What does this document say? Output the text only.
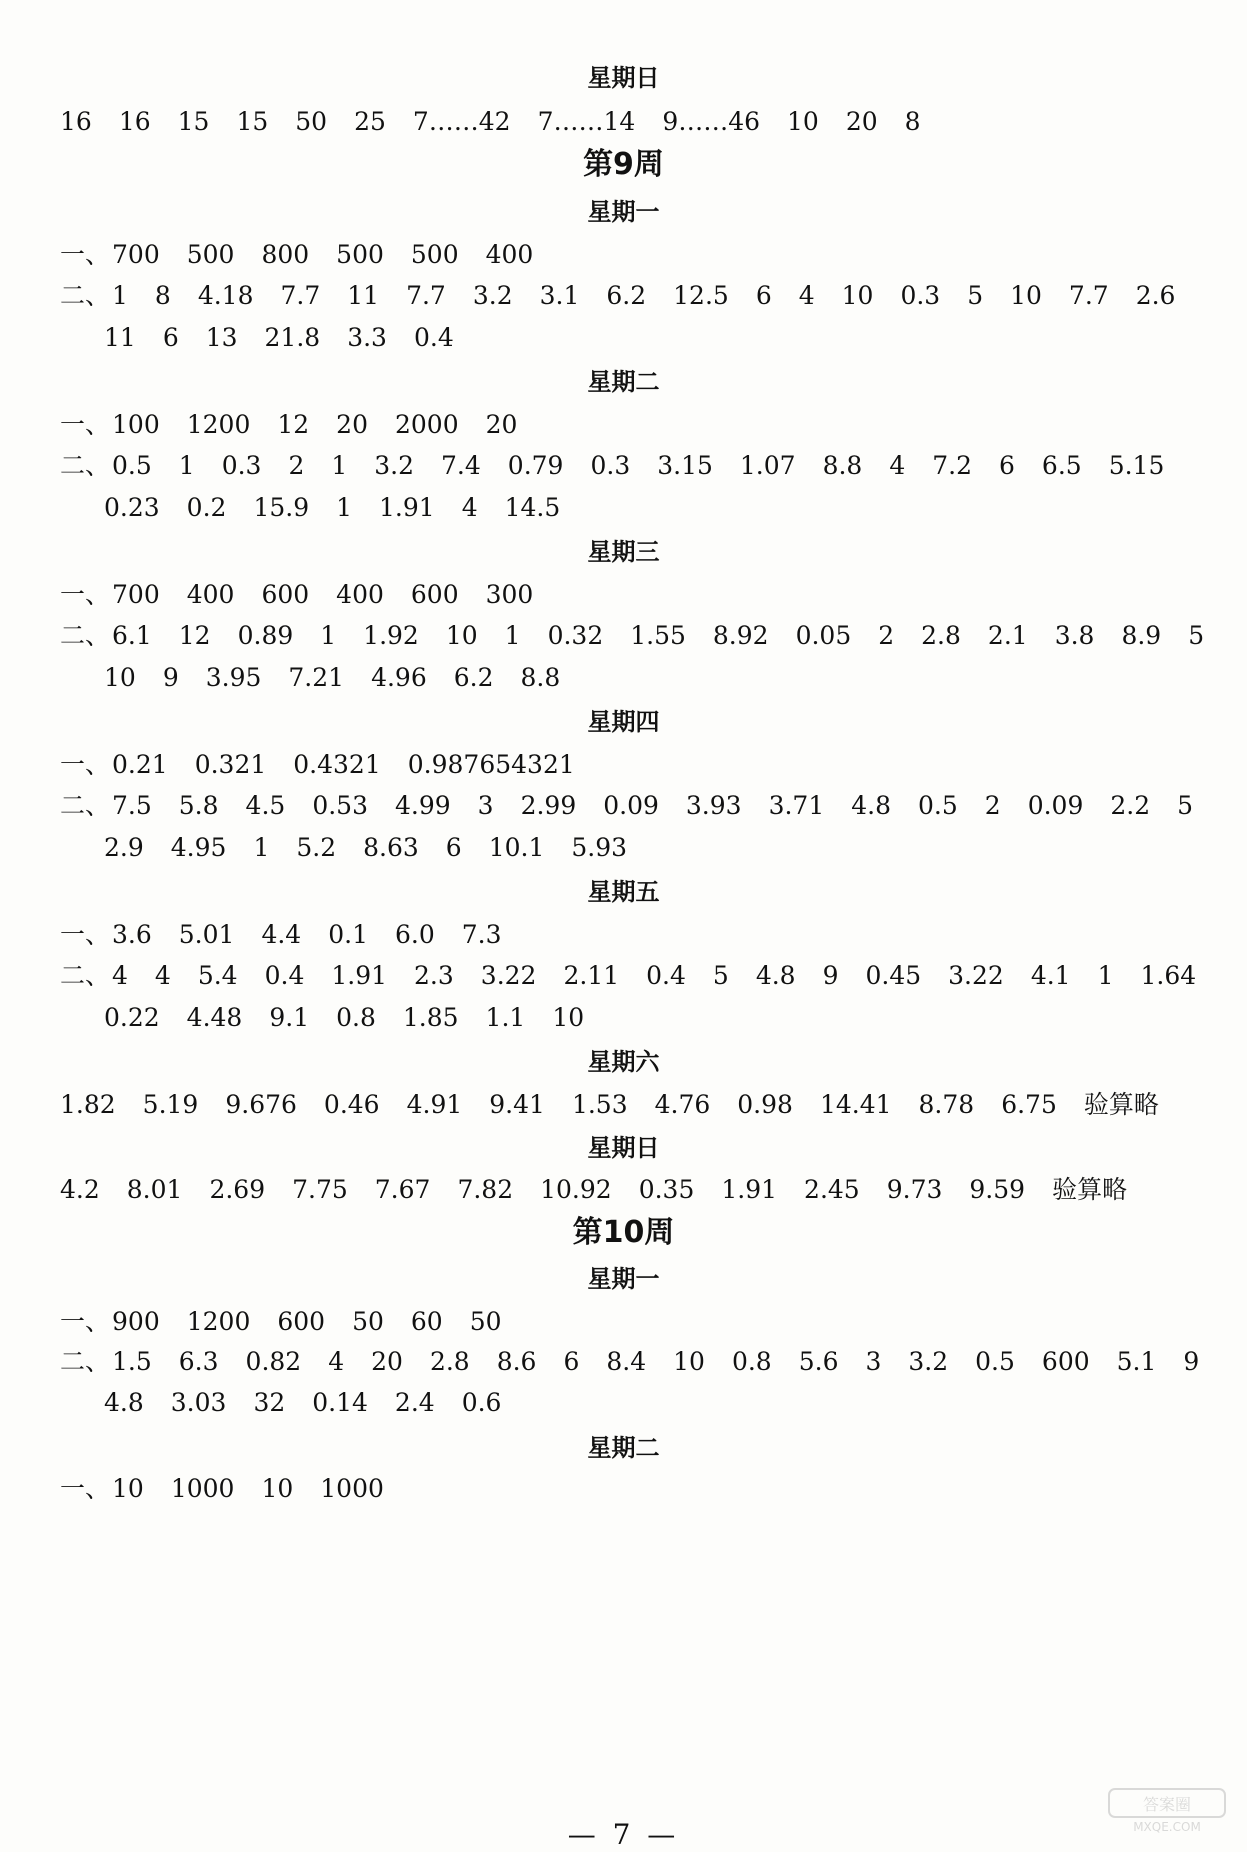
星期日
16 16 15 15 50 25 7……42 7……14 9……46 10 20 8
第9周
星期一
一、700 500 800 500 500 400
二、1 8 4.18 7.7 11 7.7 3.2 3.1 6.2 12.5 6 4 10 0.3 5 10 7.7 2.6
11 6 13 21.8 3.3 0.4
星期二
一、100 1200 12 20 2000 20
二、0.5 1 0.3 2 1 3.2 7.4 0.79 0.3 3.15 1.07 8.8 4 7.2 6 6.5 5.15
0.23 0.2 15.9 1 1.91 4 14.5
星期三
一、700 400 600 400 600 300
二、6.1 12 0.89 1 1.92 10 1 0.32 1.55 8.92 0.05 2 2.8 2.1 3.8 8.9 5
10 9 3.95 7.21 4.96 6.2 8.8
星期四
一、0.21 0.321 0.4321 0.987654321
二、7.5 5.8 4.5 0.53 4.99 3 2.99 0.09 3.93 3.71 4.8 0.5 2 0.09 2.2 5
2.9 4.95 1 5.2 8.63 6 10.1 5.93
星期五
一、3.6 5.01 4.4 0.1 6.0 7.3
二、4 4 5.4 0.4 1.91 2.3 3.22 2.11 0.4 5 4.8 9 0.45 3.22 4.1 1 1.64
0.22 4.48 9.1 0.8 1.85 1.1 10
星期六
1.82 5.19 9.676 0.46 4.91 9.41 1.53 4.76 0.98 14.41 8.78 6.75 验算略
星期日
4.2 8.01 2.69 7.75 7.67 7.82 10.92 0.35 1.91 2.45 9.73 9.59 验算略
第10周
星期一
一、900 1200 600 50 60 50
二、1.5 6.3 0.82 4 20 2.8 8.6 6 8.4 10 0.8 5.6 3 3.2 0.5 600 5.1 9
4.8 3.03 32 0.14 2.4 0.6
星期二
一、10 1000 10 1000
— 7 —
答案圈
MXQE.COM
